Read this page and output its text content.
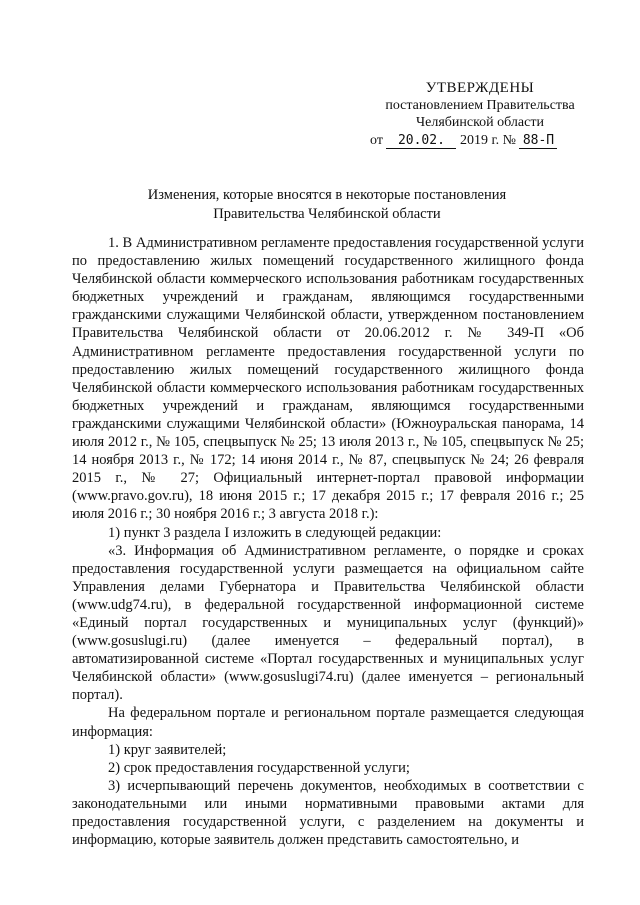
УТВЕРЖДЕНЫ
постановлением Правительства
Челябинской области
от 20.02. 2019 г. № 88-П
Изменения, которые вносятся в некоторые постановления
Правительства Челябинской области

1. В Административном регламенте предоставления государственной услуги по предоставлению жилых помещений государственного жилищного фонда Челябинской области коммерческого использования работникам государственных бюджетных учреждений и гражданам, являющимся государственными гражданскими служащими Челябинской области, утвержденном постановлением Правительства Челябинской области от 20.06.2012 г. № 349-П «Об Административном регламенте предоставления государственной услуги по предоставлению жилых помещений государственного жилищного фонда Челябинской области коммерческого использования работникам государственных бюджетных учреждений и гражданам, являющимся государственными гражданскими служащими Челябинской области» (Южноуральская панорама, 14 июля 2012 г., № 105, спецвыпуск № 25; 13 июля 2013 г., № 105, спецвыпуск № 25; 14 ноября 2013 г., № 172; 14 июня 2014 г., № 87, спецвыпуск № 24; 26 февраля 2015 г., № 27; Официальный интернет-портал правовой информации (www.pravo.gov.ru), 18 июня 2015 г.; 17 декабря 2015 г.; 17 февраля 2016 г.; 25 июля 2016 г.; 30 ноября 2016 г.; 3 августа 2018 г.):

1) пункт 3 раздела I изложить в следующей редакции:

«3. Информация об Административном регламенте, о порядке и сроках предоставления государственной услуги размещается на официальном сайте Управления делами Губернатора и Правительства Челябинской области (www.udg74.ru), в федеральной государственной информационной системе «Единый портал государственных и муниципальных услуг (функций)» (www.gosuslugi.ru) (далее именуется – федеральный портал), в автоматизированной системе «Портал государственных и муниципальных услуг Челябинской области» (www.gosuslugi74.ru) (далее именуется – региональный портал).

На федеральном портале и региональном портале размещается следующая информация:

1) круг заявителей;

2) срок предоставления государственной услуги;

3) исчерпывающий перечень документов, необходимых в соответствии с законодательными или иными нормативными правовыми актами для предоставления государственной услуги, с разделением на документы и информацию, которые заявитель должен представить самостоятельно, и
